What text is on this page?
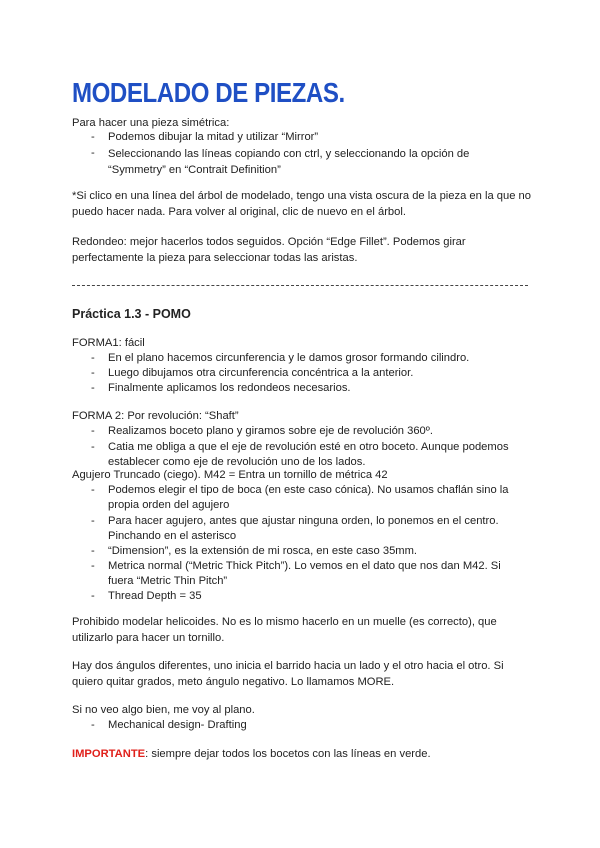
MODELADO DE PIEZAS.
Para hacer una pieza simétrica:
- Podemos dibujar la mitad y utilizar “Mirror”
- Seleccionando las líneas copiando con ctrl, y seleccionando la opción de “Symmetry” en “Contrait Definition”
*Si clico en una línea del árbol de modelado, tengo una vista oscura de la pieza en la que no puedo hacer nada. Para volver al original, clic de nuevo en el árbol.
Redondeo: mejor hacerlos todos seguidos. Opción “Edge Fillet”. Podemos girar perfectamente la pieza para seleccionar todas las aristas.
Práctica 1.3 - POMO
FORMA1: fácil
- En el plano hacemos circunferencia y le damos grosor formando cilindro.
- Luego dibujamos otra circunferencia concéntrica a la anterior.
- Finalmente aplicamos los redondeos necesarios.
FORMA 2: Por revolución: “Shaft”
- Realizamos boceto plano y giramos sobre eje de revolución 360º.
- Catia me obliga a que el eje de revolución esté en otro boceto. Aunque podemos establecer como eje de revolución uno de los lados.
Agujero Truncado (ciego). M42 = Entra un tornillo de métrica 42
- Podemos elegir el tipo de boca (en este caso cónica). No usamos chaflán sino la propia orden del agujero
- Para hacer agujero, antes que ajustar ninguna orden, lo ponemos en el centro. Pinchando en el asterisco
- “Dimension”, es la extensión de mi rosca, en este caso 35mm.
- Metrica normal (“Metric Thick Pitch”). Lo vemos en el dato que nos dan M42. Si fuera “Metric Thin Pitch”
- Thread Depth = 35
Prohibido modelar helicoides. No es lo mismo hacerlo en un muelle (es correcto), que utilizarlo para hacer un tornillo.
Hay dos ángulos diferentes, uno inicia el barrido hacia un lado y el otro hacia el otro. Si quiero quitar grados, meto ángulo negativo. Lo llamamos MORE.
Si no veo algo bien, me voy al plano.
- Mechanical design- Drafting
IMPORTANTE: siempre dejar todos los bocetos con las líneas en verde.
